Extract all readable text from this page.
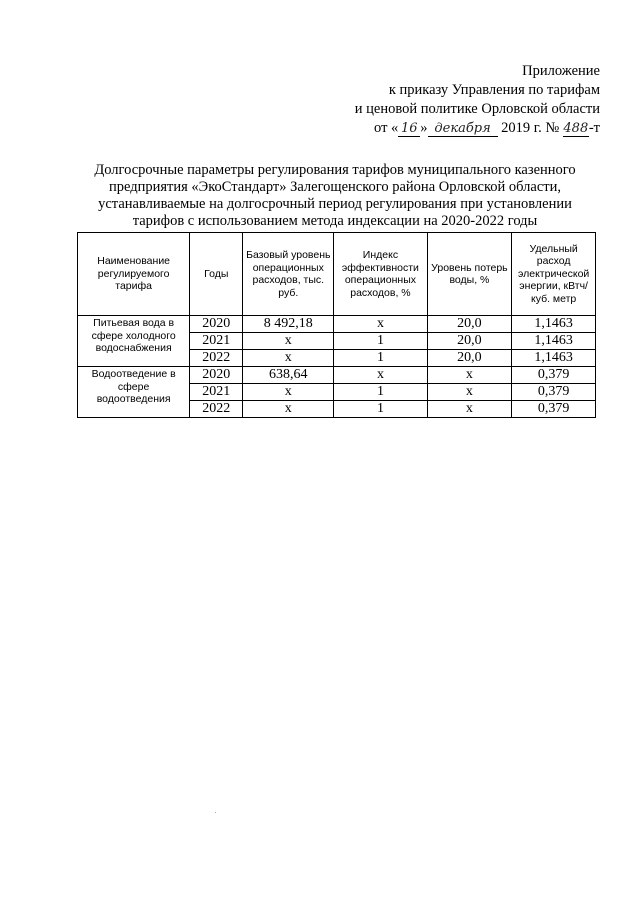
Приложение
к приказу Управления по тарифам
и ценовой политике Орловской области
от « 16 » декабря 2019 г. № 488-т
Долгосрочные параметры регулирования тарифов муниципального казенного
предприятия «ЭкоСтандарт» Залегощенского района Орловской области,
устанавливаемые на долгосрочный период регулирования при установлении
тарифов с использованием метода индексации на 2020-2022 годы
Наименование регулируемого тарифа	Годы	Базовый уровень операционных расходов, тыс. руб.	Индекс эффективности операционных расходов, %	Уровень потерь воды, %	Удельный расход электрической энергии, кВтч/куб. метр
Питьевая вода в сфере холодного водоснабжения	2020	8 492,18	х	20,0	1,1463
	2021	х	1	20,0	1,1463
	2022	х	1	20,0	1,1463
Водоотведение в сфере водоотведения	2020	638,64	х	х	0,379
	2021	х	1	х	0,379
	2022	х	1	х	0,379
